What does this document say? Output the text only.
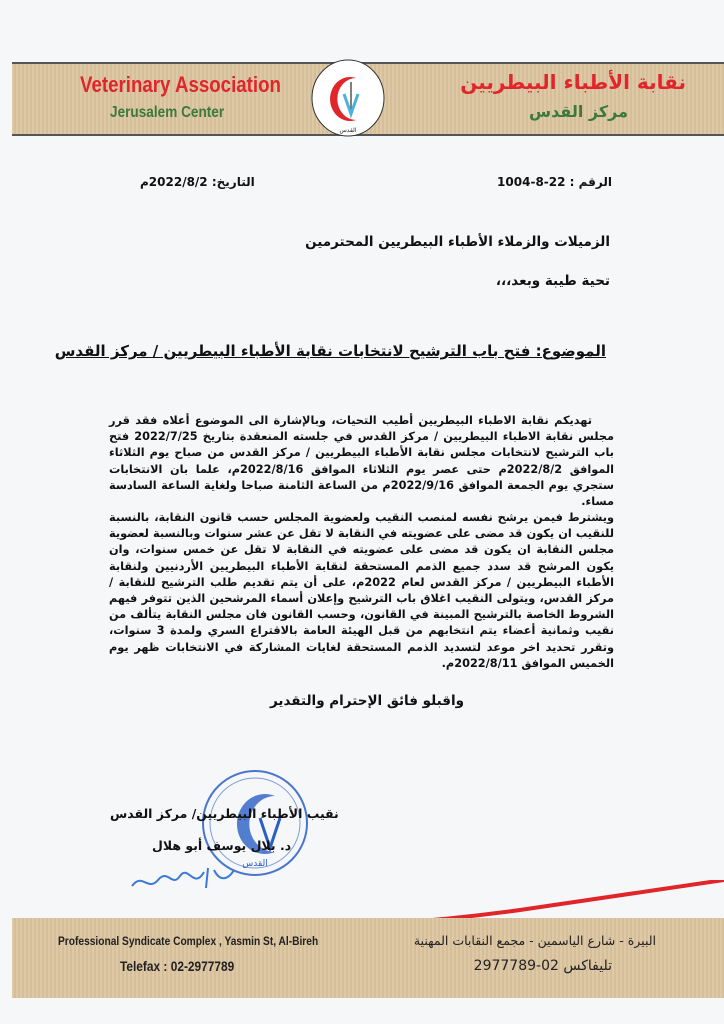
Veterinary Association
Jerusalem Center
نقابة الأطباء البيطريين
مركز القدس
القدس
الرقم : 22-8-1004
التاريخ: 2022/8/2م
الزميلات والزملاء الأطباء البيطريين المحترمين
تحية طيبة وبعد،،،
الموضوع: فتح باب الترشيح لانتخابات نقابة الأطباء البيطريين / مركز القدس
تهديكم نقابة الاطباء البيطريين أطيب التحيات، وبالإشارة الى الموضوع أعلاه فقد قرر مجلس نقابة الاطباء البيطريين / مركز القدس في جلسته المنعقدة بتاريخ 2022/7/25 فتح باب الترشيح لانتخابات مجلس نقابة الأطباء البيطريين / مركز القدس من صباح يوم الثلاثاء الموافق 2022/8/2م حتى عصر يوم الثلاثاء الموافق 2022/8/16م، علما بان الانتخابات ستجري يوم الجمعة الموافق 2022/9/16م من الساعة الثامنة صباحا ولغاية الساعة السادسة مساء.
ويشترط فيمن يرشح نفسه لمنصب النقيب ولعضوية المجلس حسب قانون النقابة، بالنسبة للنقيب ان يكون قد مضى على عضويته في النقابة لا تقل عن عشر سنوات وبالنسبة لعضوية مجلس النقابة ان يكون قد مضى على عضويته في النقابة لا تقل عن خمس سنوات، وان يكون المرشح قد سدد جميع الذمم المستحقة لنقابة الأطباء البيطريين الأردنيين ولنقابة الأطباء البيطريين / مركز القدس لعام 2022م، على أن يتم تقديم طلب الترشيح للنقابة / مركز القدس، ويتولى النقيب اغلاق باب الترشيح وإعلان أسماء المرشحين الذين تتوفر فيهم الشروط الخاصة بالترشيح المبينة في القانون، وحسب القانون فان مجلس النقابة يتألف من نقيب وثمانية أعضاء يتم انتخابهم من قبل الهيئة العامة بالاقتراع السري ولمدة 3 سنوات، وتقرر تحديد اخر موعد لتسديد الذمم المستحقة لغايات المشاركة في الانتخابات ظهر يوم الخميس الموافق 2022/8/11م.
واقبلو فائق الإحترام والتقدير
القدس
نقيب الأطباء البيطريين/ مركز القدس
د. بلال يوسف أبو هلال
Professional Syndicate Complex , Yasmin St, Al-Bireh
Telefax : 02-2977789
البيرة - شارع الياسمين - مجمع النقابات المهنية
تليفاكس 02-2977789
